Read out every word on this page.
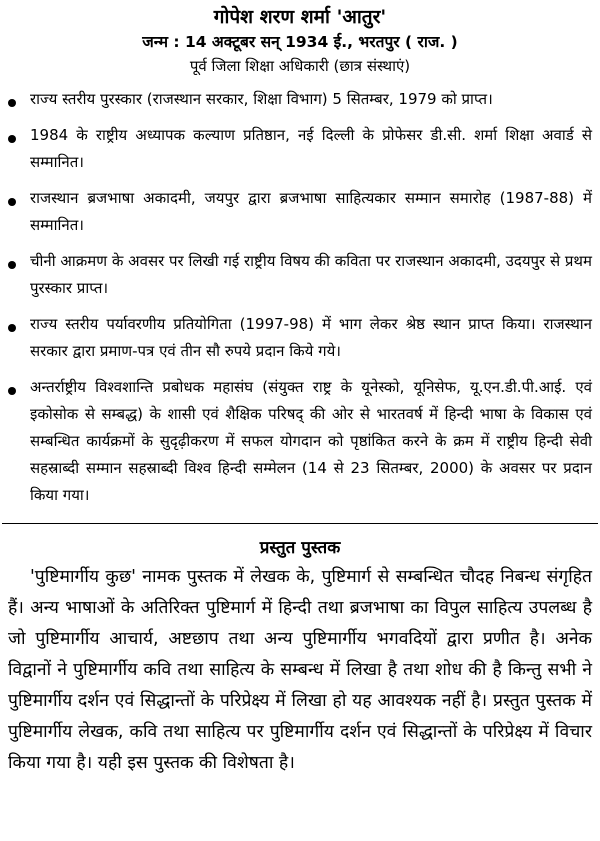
गोपेश शरण शर्मा 'आतुर'

जन्म : 14 अक्टूबर सन् 1934 ई., भरतपुर ( राज. )

पूर्व जिला शिक्षा अधिकारी (छात्र संस्थाएं)

राज्य स्तरीय पुरस्कार (राजस्थान सरकार, शिक्षा विभाग) 5 सितम्बर, 1979 को प्राप्त।
1984 के राष्ट्रीय अध्यापक कल्याण प्रतिष्ठान, नई दिल्ली के प्रोफेसर डी.सी. शर्मा शिक्षा अवार्ड से सम्मानित।
राजस्थान ब्रजभाषा अकादमी, जयपुर द्वारा ब्रजभाषा साहित्यकार सम्मान समारोह (1987-88) में सम्मानित।
चीनी आक्रमण के अवसर पर लिखी गई राष्ट्रीय विषय की कविता पर राजस्थान अकादमी, उदयपुर से प्रथम पुरस्कार प्राप्त।
राज्य स्तरीय पर्यावरणीय प्रतियोगिता (1997-98) में भाग लेकर श्रेष्ठ स्थान प्राप्त किया। राजस्थान सरकार द्वारा प्रमाण-पत्र एवं तीन सौ रुपये प्रदान किये गये।
अन्तर्राष्ट्रीय विश्वशान्ति प्रबोधक महासंघ (संयुक्त राष्ट्र के यूनेस्को, यूनिसेफ, यू.एन.डी.पी.आई. एवं इकोसोक से सम्बद्ध) के शासी एवं शैक्षिक परिषद् की ओर से भारतवर्ष में हिन्दी भाषा के विकास एवं सम्बन्धित कार्यक्रमों के सुदृढ़ीकरण में सफल योगदान को पृष्ठांकित करने के क्रम में राष्ट्रीय हिन्दी सेवी सहस्राब्दी सम्मान सहस्राब्दी विश्व हिन्दी सम्मेलन (14 से 23 सितम्बर, 2000) के अवसर पर प्रदान किया गया।
प्रस्तुत पुस्तक

'पुष्टिमार्गीय कुछ' नामक पुस्तक में लेखक के, पुष्टिमार्ग से सम्बन्धित चौदह निबन्ध संगृहित हैं। अन्य भाषाओं के अतिरिक्त पुष्टिमार्ग में हिन्दी तथा ब्रजभाषा का विपुल साहित्य उपलब्ध है जो पुष्टिमार्गीय आचार्य, अष्टछाप तथा अन्य पुष्टिमार्गीय भगवदियों द्वारा प्रणीत है। अनेक विद्वानों ने पुष्टिमार्गीय कवि तथा साहित्य के सम्बन्ध में लिखा है तथा शोध की है किन्तु सभी ने पुष्टिमार्गीय दर्शन एवं सिद्धान्तों के परिप्रेक्ष्य में लिखा हो यह आवश्यक नहीं है। प्रस्तुत पुस्तक में पुष्टिमार्गीय लेखक, कवि तथा साहित्य पर पुष्टिमार्गीय दर्शन एवं सिद्धान्तों के परिप्रेक्ष्य में विचार किया गया है। यही इस पुस्तक की विशेषता है।
